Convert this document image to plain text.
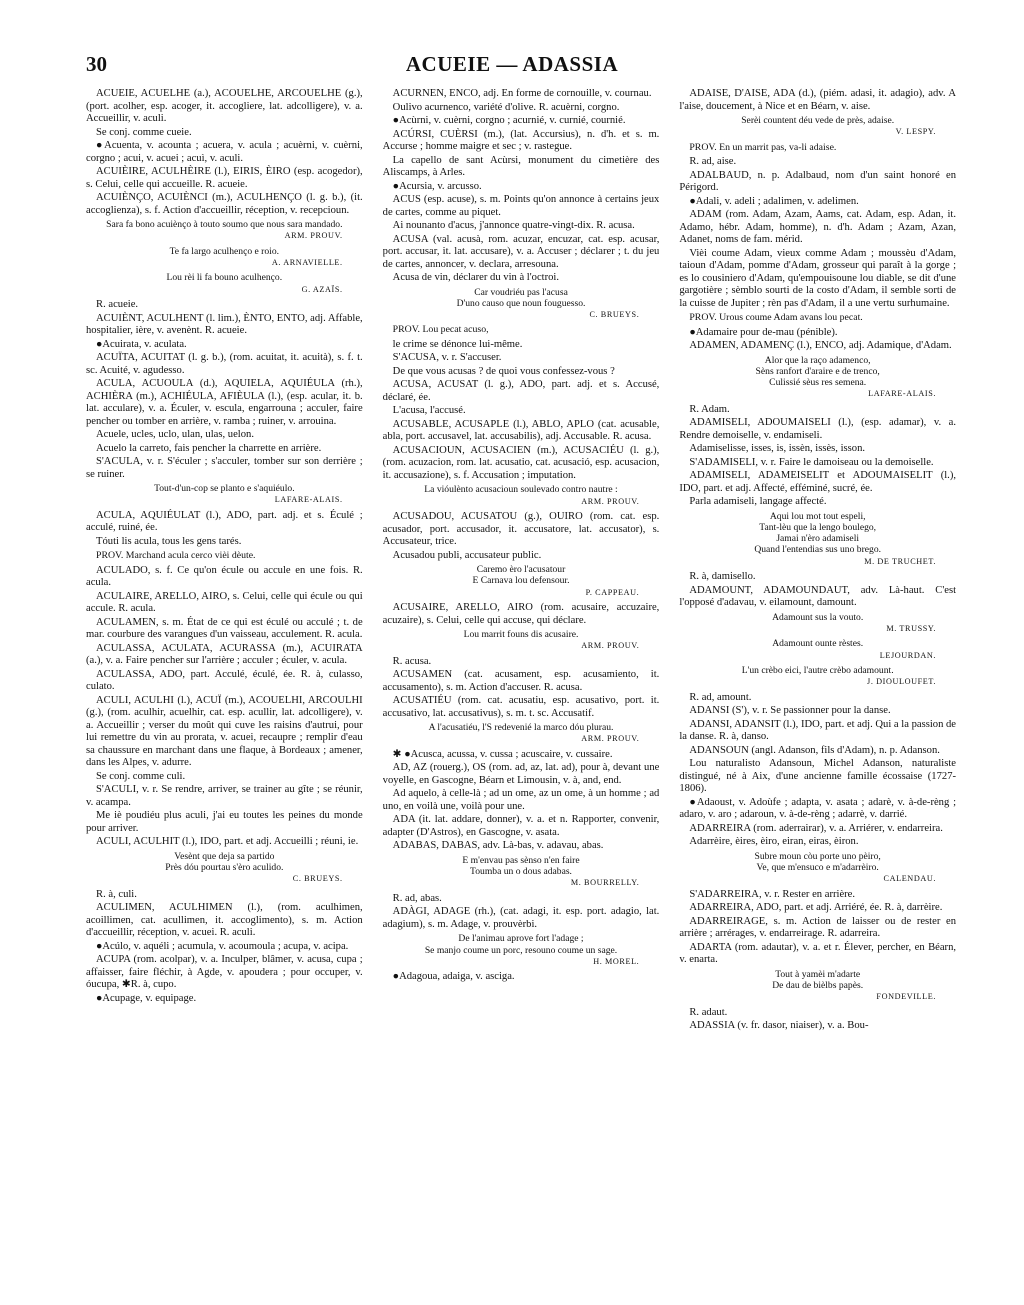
30	ACUEIE — ADASSIA

ACUEIE, ACUELHE (a.), ACOUELHE, ARCOUELHE (g.), (port. acolher, esp. acoger, it. accogliere, lat. adcolligere), v. a. Accueillir, v. aculi.

Se conj. comme cueie.

●Acuenta, v. acounta ; acuera, v. acula ; acuèrni, v. cuèrni, corgno ; acui, v. acuei ; acuì, v. aculi.

ACUIÈIRE, ACULHÈIRE (l.), EIRIS, ÈIRO (esp. acogedor), s. Celui, celle qui accueille. R. acueie.

ACUIÈNÇO, ACUIÈNCI (m.), ACULHENÇO (l. g. b.), (it. accoglienza), s. f. Action d'accueillir, réception, v. recepcioun.

Sara fa bono acuiènço à touto soumo que nous sara mandado.
ARM. PROUV.
Te fa largo aculhenço e roio.
A. ARNAVIELLE.
Lou rèi li fa bouno aculhenço.
G. AZAÏS.

R. acueie.

ACUIÈNT, ACULHENT (l. lim.), ÈNTO, ENTO, adj. Affable, hospitalier, ière, v. avenènt. R. acueie.

●Acuirata, v. aculata.

ACUÏTA, ACUITAT (l. g. b.), (rom. acuitat, it. acuità), s. f. t. sc. Acuité, v. agudesso.

ACULA, ACUOULA (d.), AQUIELA, AQUIÉULA (rh.), ACHIÈRA (m.), ACHIÉULA, AFIÈULA (l.), (esp. acular, it. b. lat. acculare), v. a. Éculer, v. escula, engarrouna ; acculer, faire pencher ou tomber en arrière, v. ramba ; ruiner, v. arrouina.

Acuele, ucles, uclo, ulan, ulas, uelon.

Acuelo la carreto, fais pencher la charrette en arrière.

S'ACULA, v. r. S'éculer ; s'acculer, tomber sur son derrière ; se ruiner.

Tout-d'un-cop se planto e s'aquiéulo.
LAFARE-ALAIS.

ACULA, AQUIÉULAT (l.), ADO, part. adj. et s. Éculé ; acculé, ruiné, ée.

Tóuti lis acula, tous les gens tarés.

PROV. Marchand acula cerco vièi dèute.

ACULADO, s. f. Ce qu'on écule ou accule en une fois. R. acula.

ACULAIRE, ARELLO, AIRO, s. Celui, celle qui écule ou qui accule. R. acula.

ACULAMEN, s. m. État de ce qui est éculé ou acculé ; t. de mar. courbure des varangues d'un vaisseau, acculement. R. acula.

ACULASSA, ACULATA, ACURASSA (m.), ACUIRATA (a.), v. a. Faire pencher sur l'arrière ; acculer ; éculer, v. acula.

ACULASSA, ADO, part. Acculé, éculé, ée. R. à, culasso, culato.

ACULI, ACULHI (l.), ACUÏ (m.), ACOUELHI, ARCOULHI (g.), (rom. aculhir, acuelhir, cat. esp. acullir, lat. adcolligere), v. a. Accueillir ; verser du moût qui cuve les raisins d'autrui, pour lui remettre du vin au prorata, v. acuei, recaupre ; remplir d'eau sa chaussure en marchant dans une flaque, à Bordeaux ; amener, dans les Alpes, v. adurre.

Se conj. comme culi.

S'ACULI, v. r. Se rendre, arriver, se trainer au gîte ; se réunir, v. acampa.

Me iè poudiéu plus aculi, j'ai eu toutes les peines du monde pour arriver.

ACULI, ACULHIT (l.), IDO, part. et adj. Accueilli ; réuni, ie.

Vesènt que deja sa partido
Près dóu pourtau s'èro aculido.
C. BRUEYS.

R. à, culi.

ACULIMEN, ACULHIMEN (l.), (rom. aculhimen, acoillimen, cat. acullimen, it. accoglimento), s. m. Action d'accueillir, réception, v. acuei. R. aculi.

●Acúlo, v. aquéli ; acumula, v. acoumoula ; acupa, v. acipa.

ACUPA (rom. acolpar), v. a. Inculper, blâmer, v. acusa, cupa ; affaisser, faire fléchir, à Agde, v. apoudera ; pour occuper, v. óucupa, ✱R. à, cupo.

●Acupage, v. equipage.

ACURNEN, ENCO, adj. En forme de cornouille, v. cournau.

Oulivo acurnenco, variété d'olive. R. acuèrni, corgno.

●Acùrni, v. cuèrni, corgno ; acurnié, v. curnié, cournié.

ACÚRSI, CUÈRSI (m.), (lat. Accursius), n. d'h. et s. m. Accurse ; homme maigre et sec ; v. rastegue.

La capello de sant Acùrsi, monument du cimetière des Aliscamps, à Arles.

●Acursia, v. arcusso.

ACUS (esp. acuse), s. m. Points qu'on annonce à certains jeux de cartes, comme au piquet.

Ai nounanto d'acus, j'annonce quatre-vingt-dix. R. acusa.

ACUSA (val. acusà, rom. acuzar, encuzar, cat. esp. acusar, port. accusar, it. lat. accusare), v. a. Accuser ; déclarer ; t. du jeu de cartes, annoncer, v. declara, arresouna.

Acusa de vin, déclarer du vin à l'octroi.

Car voudriéu pas l'acusa
D'uno causo que noun fouguesso.
C. BRUEYS.
PROV. Lou pecat acuso,

le crime se dénonce lui-même.

S'ACUSA, v. r. S'accuser.

De que vous acusas ? de quoi vous confessez-vous ?

ACUSA, ACUSAT (l. g.), ADO, part. adj. et s. Accusé, déclaré, ée.

L'acusa, l'accusé.

ACUSABLE, ACUSAPLE (l.), ABLO, APLO (cat. acusable, abla, port. accusavel, lat. accusabilis), adj. Accusable. R. acusa.

ACUSACIOUN, ACUSACIEN (m.), ACUSACIÉU (l. g.), (rom. acuzacion, rom. lat. acusatio, cat. acusació, esp. acusacion, it. accusazione), s. f. Accusation ; imputation.

La vióulènto acusacioun soulevado contro nautre :
ARM. PROUV.

ACUSADOU, ACUSATOU (g.), OUIRO (rom. cat. esp. acusador, port. accusador, it. accusatore, lat. accusator), s. Accusateur, trice.

Acusadou publi, accusateur public.

Caremo èro l'acusatour
E Carnava lou defensour.
P. CAPPEAU.

ACUSAIRE, ARELLO, AIRO (rom. acusaire, accuzaire, acuzaire), s. Celui, celle qui accuse, qui déclare.

Lou marrit founs dis acusaire.
ARM. PROUV.

R. acusa.

ACUSAMEN (cat. acusament, esp. acusamiento, it. accusamento), s. m. Action d'accuser. R. acusa.

ACUSATIÉU (rom. cat. acusatiu, esp. acusativo, port. it. accusativo, lat. accusativus), s. m. t. sc. Accusatif.

A l'acusatiéu, l'S redevenié la marco dóu plurau.
ARM. PROUV.

✱ ●Acusca, acussa, v. cussa ; acuscaire, v. cussaire.

AD, AZ (rouerg.), OS (rom. ad, az, lat. ad), pour à, devant une voyelle, en Gascogne, Béarn et Limousin, v. à, and, end.

Ad aquelo, à celle-là ; ad un ome, az un ome, à un homme ; ad uno, en voilà une, voilà pour une.

ADA (it. lat. addare, donner), v. a. et n. Rapporter, convenir, adapter (D'Astros), en Gascogne, v. asata.

ADABAS, DABAS, adv. Là-bas, v. adavau, abas.

E m'envau pas sènso n'en faire
Toumba un o dous adabas.
M. BOURRELLY.

R. ad, abas.

ADÀGI, ADAGE (rh.), (cat. adagi, it. esp. port. adagio, lat. adagium), s. m. Adage, v. prouvèrbi.

De l'animau aprove fort l'adage ;
Se manjo coume un porc, resouno coume un sage.
H. MOREL.

●Adagoua, adaiga, v. asciga.

ADAISE, D'AISE, ADA (d.), (piém. adasi, it. adagio), adv. A l'aise, doucement, à Nice et en Béarn, v. aise.

Serèi countent déu vede de près, adaise.
V. LESPY.
PROV. En un marrit pas, va-li adaise.

R. ad, aise.

ADALBAUD, n. p. Adalbaud, nom d'un saint honoré en Périgord.

●Adali, v. adeli ; adalimen, v. adelimen.

ADAM (rom. Adam, Azam, Aams, cat. Adam, esp. Adan, it. Adamo, hébr. Adam, homme), n. d'h. Adam ; Azam, Azan, Adanet, noms de fam. mérid.

Vièi coume Adam, vieux comme Adam ; moussèu d'Adam, taioun d'Adam, pomme d'Adam, grosseur qui paraît à la gorge ; es lo cousiniero d'Adam, qu'empouisoune lou diable, se dit d'une gargotière ; sèmblo sourti de la costo d'Adam, il semble sorti de la cuisse de Jupiter ; rèn pas d'Adam, il a une vertu surhumaine.

PROV. Urous coume Adam avans lou pecat.

●Adamaire pour de-mau (pénible).

ADAMEN, ADAMENÇ (l.), ENCO, adj. Adamique, d'Adam.

Alor que la raço adamenco,
Sèns ranfort d'araire e de trenco,
Culissié sèus res semena.
LAFARE-ALAIS.

R. Adam.

ADAMISELI, ADOUMAISELI (l.), (esp. adamar), v. a. Rendre demoiselle, v. endamiseli.

Adamiselisse, isses, is, issèn, issès, isson.

S'ADAMISELI, v. r. Faire le damoiseau ou la demoiselle.

ADAMISELI, ADAMEISELIT et ADOUMAISELIT (l.), IDO, part. et adj. Affecté, efféminé, sucré, ée.

Parla adamiseli, langage affecté.

Aqui lou mot tout espeli,
Tant-lèu que la lengo boulego,
Jamai n'èro adamiseli
Quand l'entendias sus uno brego.
M. DE TRUCHET.

R. à, damisello.

ADAMOUNT, ADAMOUNDAUT, adv. Là-haut. C'est l'opposé d'adavau, v. eilamount, damount.

Adamount sus la vouto.
M. TRUSSY.
Adamount ounte rèstes.
LEJOURDAN.
L'un crèbo eici, l'autre crèbo adamount.
J. DIOULOUFET.

R. ad, amount.

ADANSI (S'), v. r. Se passionner pour la danse.

ADANSI, ADANSIT (l.), IDO, part. et adj. Qui a la passion de la danse. R. à, danso.

ADANSOUN (angl. Adanson, fils d'Adam), n. p. Adanson.

Lou naturalisto Adansoun, Michel Adanson, naturaliste distingué, né à Aix, d'une ancienne famille écossaise (1727-1806).

●Adaoust, v. Adoùfe ; adapta, v. asata ; adarè, v. à-de-rèng ; adaro, v. aro ; adaroun, v. à-de-rèng ; adarrè, v. darrié.

ADARREIRA (rom. aderrairar), v. a. Arriérer, v. endarreira.

Adarrèire, èires, èiro, eiran, eiras, èiron.

Subre moun còu porte uno pèiro,
Ve, que m'ensuco e m'adarrèiro.
CALENDAU.

S'ADARREIRA, v. r. Rester en arrière.

ADARREIRA, ADO, part. et adj. Arriéré, ée. R. à, darrèire.

ADARREIRAGE, s. m. Action de laisser ou de rester en arrière ; arrérages, v. endarreirage. R. adarreira.

ADARTA (rom. adautar), v. a. et r. Élever, percher, en Béarn, v. enarta.

Tout à yamèi m'adarte
De dau de bièlbs papès.
FONDEVILLE.

R. adaut.

ADASSIA (v. fr. dasor, niaiser), v. a. Bou-
